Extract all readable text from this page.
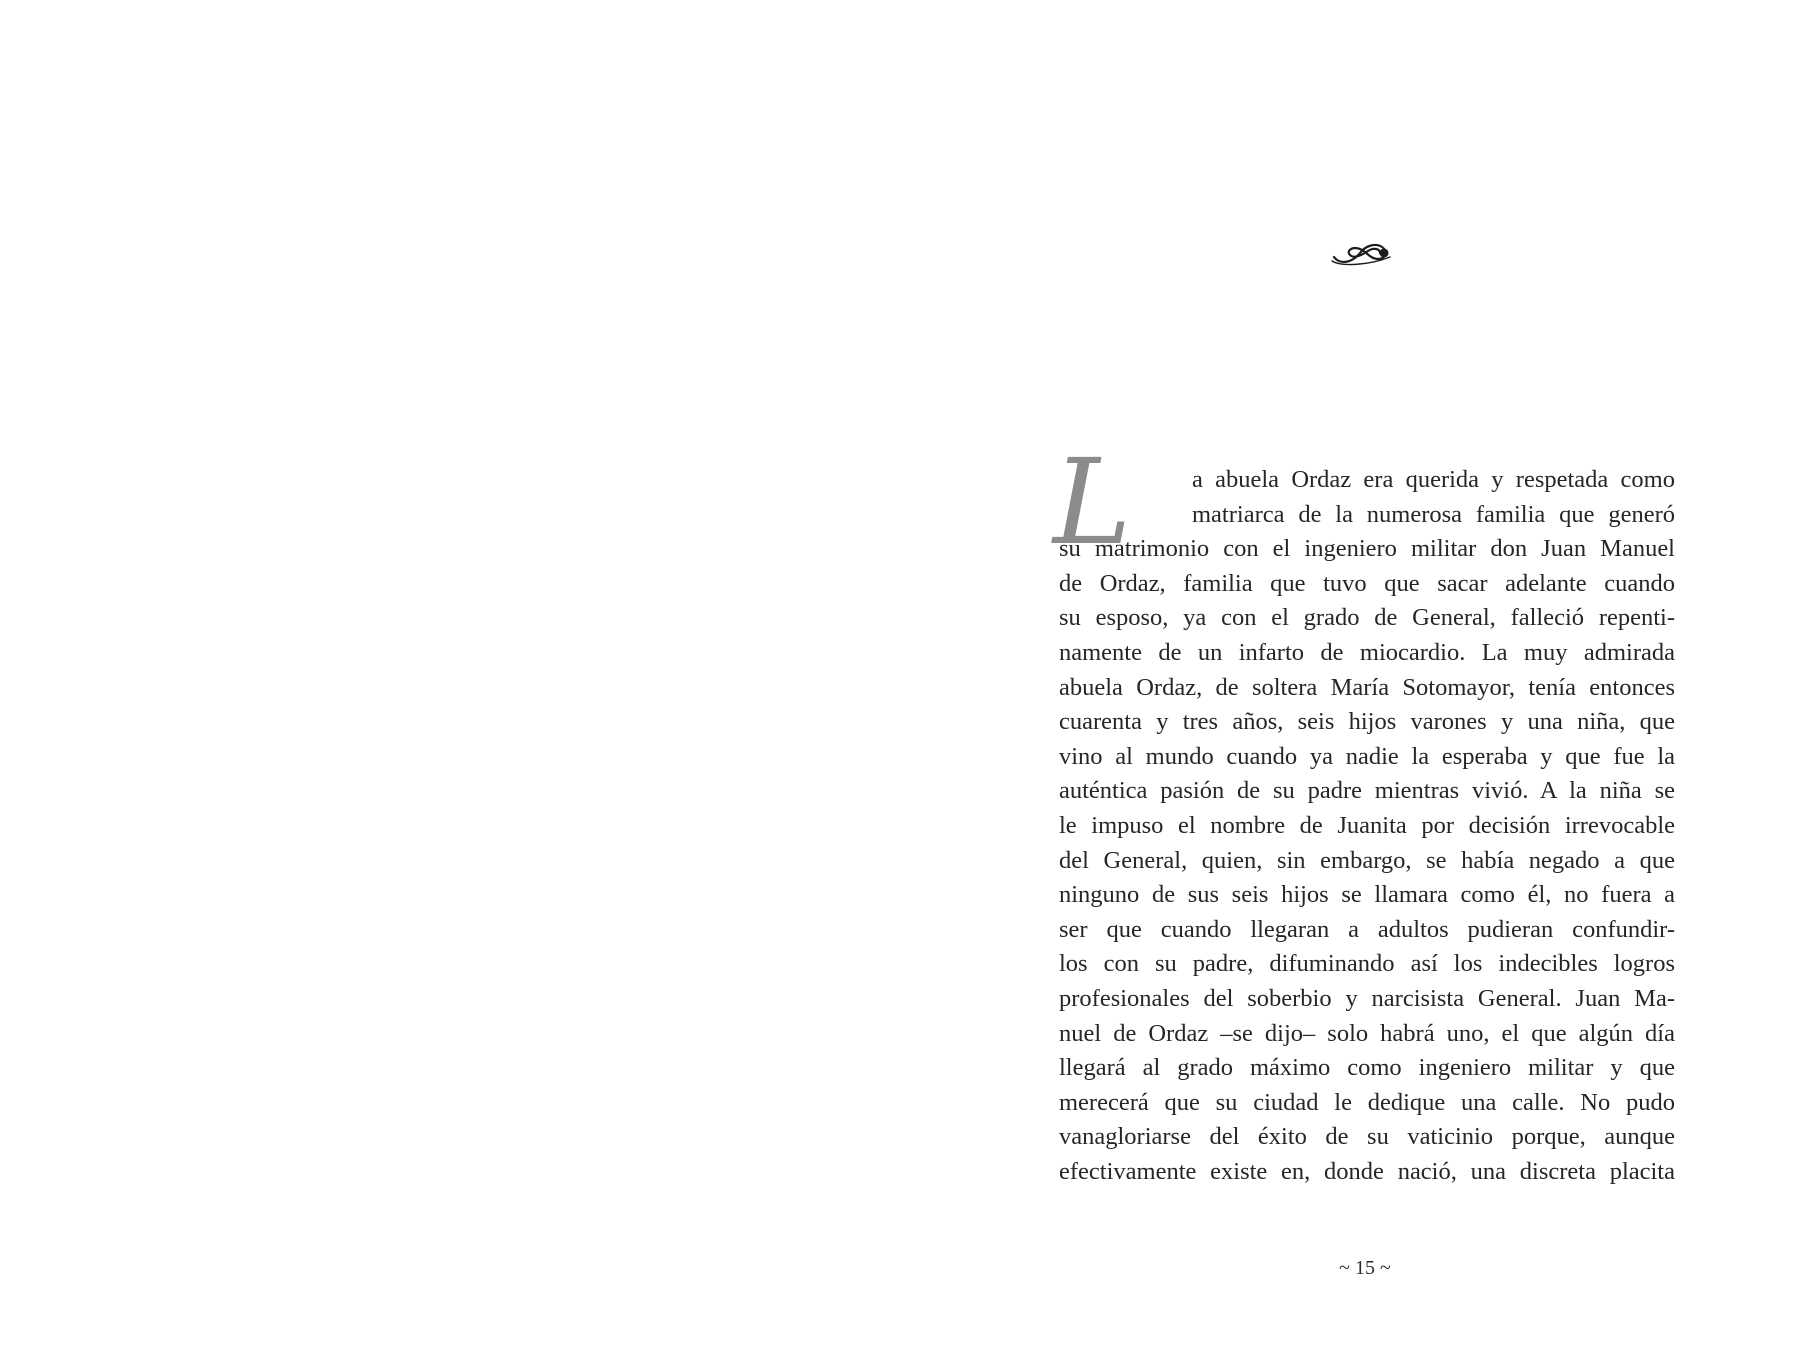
L	a abuela Ordaz era querida y respetada como
matriarca de la numerosa familia que generó
su matrimonio con el ingeniero militar don Juan Manuel
de Ordaz, familia que tuvo que sacar adelante cuando
su esposo, ya con el grado de General, falleció repenti-
namente de un infarto de miocardio. La muy admirada
abuela Ordaz, de soltera María Sotomayor, tenía entonces
cuarenta y tres años, seis hijos varones y una niña, que
vino al mundo cuando ya nadie la esperaba y que fue la
auténtica pasión de su padre mientras vivió. A la niña se
le impuso el nombre de Juanita por decisión irrevocable
del General, quien, sin embargo, se había negado a que
ninguno de sus seis hijos se llamara como él, no fuera a
ser que cuando llegaran a adultos pudieran confundir-
los con su padre, difuminando así los indecibles logros
profesionales del soberbio y narcisista General. Juan Ma-
nuel de Ordaz –se dijo– solo habrá uno, el que algún día
llegará al grado máximo como ingeniero militar y que
merecerá que su ciudad le dedique una calle. No pudo
vanagloriarse del éxito de su vaticinio porque, aunque
efectivamente existe en, donde nació, una discreta placita
~ 15 ~
